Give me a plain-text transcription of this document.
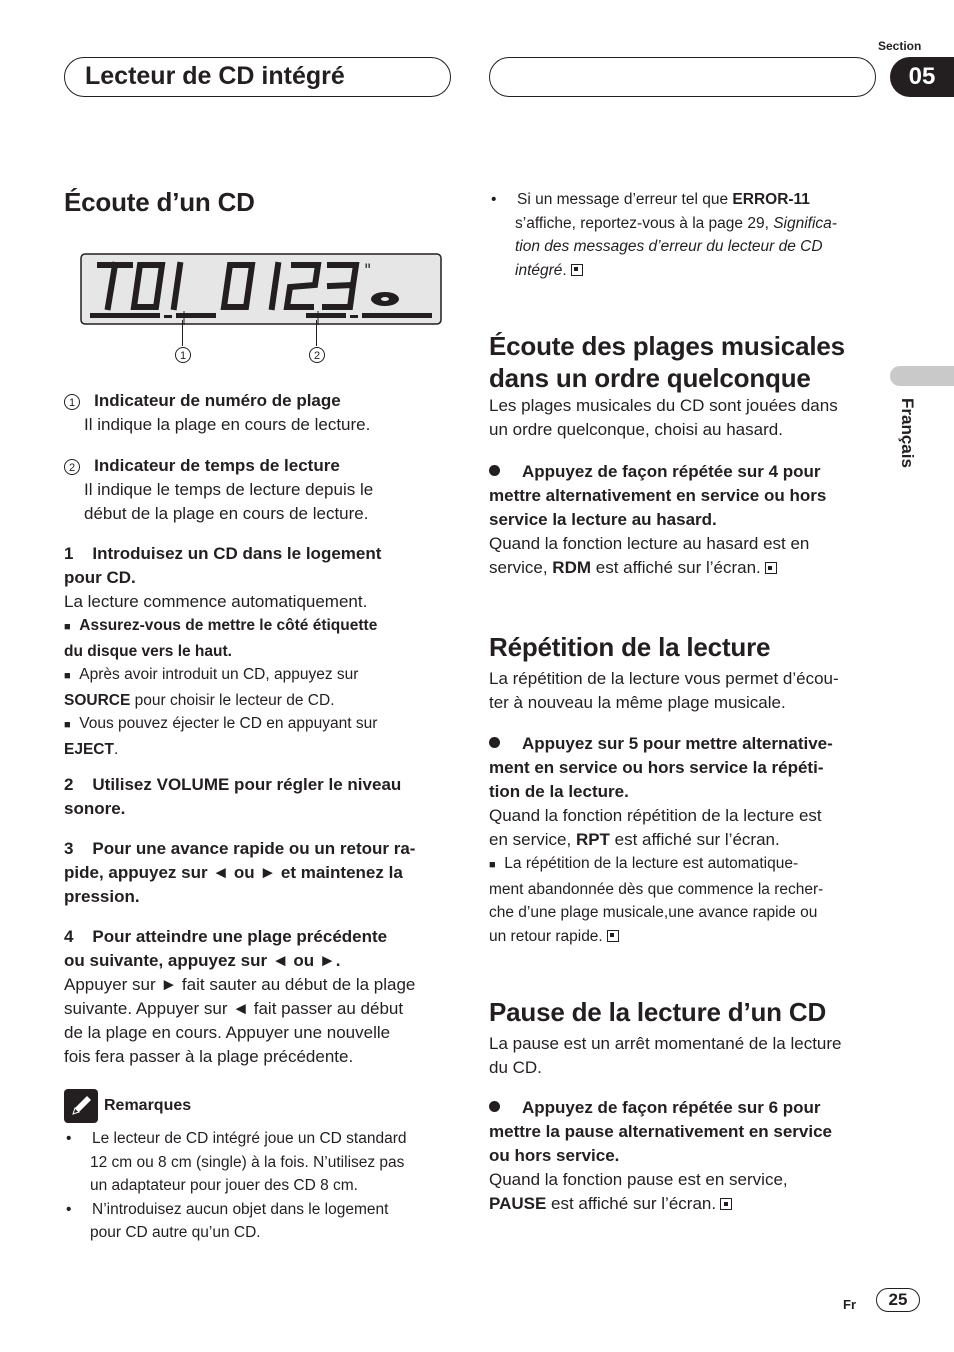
Lecteur de CD intégré
Section
05
Français
Écoute d’un CD
"
1	2

1 Indicateur de numéro de plage

Il indique la plage en cours de lecture.

2 Indicateur de temps de lecture

Il indique le temps de lecture depuis le

début de la plage en cours de lecture.

1 Introduisez un CD dans le logement

pour CD.

La lecture commence automatiquement.

■ Assurez-vous de mettre le côté étiquette

du disque vers le haut.

■ Après avoir introduit un CD, appuyez sur

SOURCE pour choisir le lecteur de CD.

■ Vous pouvez éjecter le CD en appuyant sur

EJECT.

2 Utilisez VOLUME pour régler le niveau

sonore.

3 Pour une avance rapide ou un retour ra-

pide, appuyez sur ◄ ou ► et maintenez la

pression.

4 Pour atteindre une plage précédente

ou suivante, appuyez sur ◄ ou ►.

Appuyer sur ► fait sauter au début de la plage

suivante. Appuyer sur ◄ fait passer au début

de la plage en cours. Appuyer une nouvelle

fois fera passer à la plage précédente.

Remarques

• Le lecteur de CD intégré joue un CD standard

12 cm ou 8 cm (single) à la fois. N’utilisez pas

un adaptateur pour jouer des CD 8 cm.

• N’introduisez aucun objet dans le logement

pour CD autre qu’un CD.

• Si un message d’erreur tel que ERROR-11

s’affiche, reportez-vous à la page 29, Significa-

tion des messages d’erreur du lecteur de CD

intégré.

Écoute des plages musicales
dans un ordre quelconque

Les plages musicales du CD sont jouées dans

un ordre quelconque, choisi au hasard.

Appuyez de façon répétée sur 4 pour

mettre alternativement en service ou hors

service la lecture au hasard.

Quand la fonction lecture au hasard est en

service, RDM est affiché sur l’écran.

Répétition de la lecture

La répétition de la lecture vous permet d’écou-

ter à nouveau la même plage musicale.

Appuyez sur 5 pour mettre alternative-

ment en service ou hors service la répéti-

tion de la lecture.

Quand la fonction répétition de la lecture est

en service, RPT est affiché sur l’écran.

■ La répétition de la lecture est automatique-

ment abandonnée dès que commence la recher-

che d’une plage musicale,une avance rapide ou

un retour rapide.

Pause de la lecture d’un CD

La pause est un arrêt momentané de la lecture

du CD.

Appuyez de façon répétée sur 6 pour

mettre la pause alternativement en service

ou hors service.

Quand la fonction pause est en service,

PAUSE est affiché sur l’écran.

Fr	25
